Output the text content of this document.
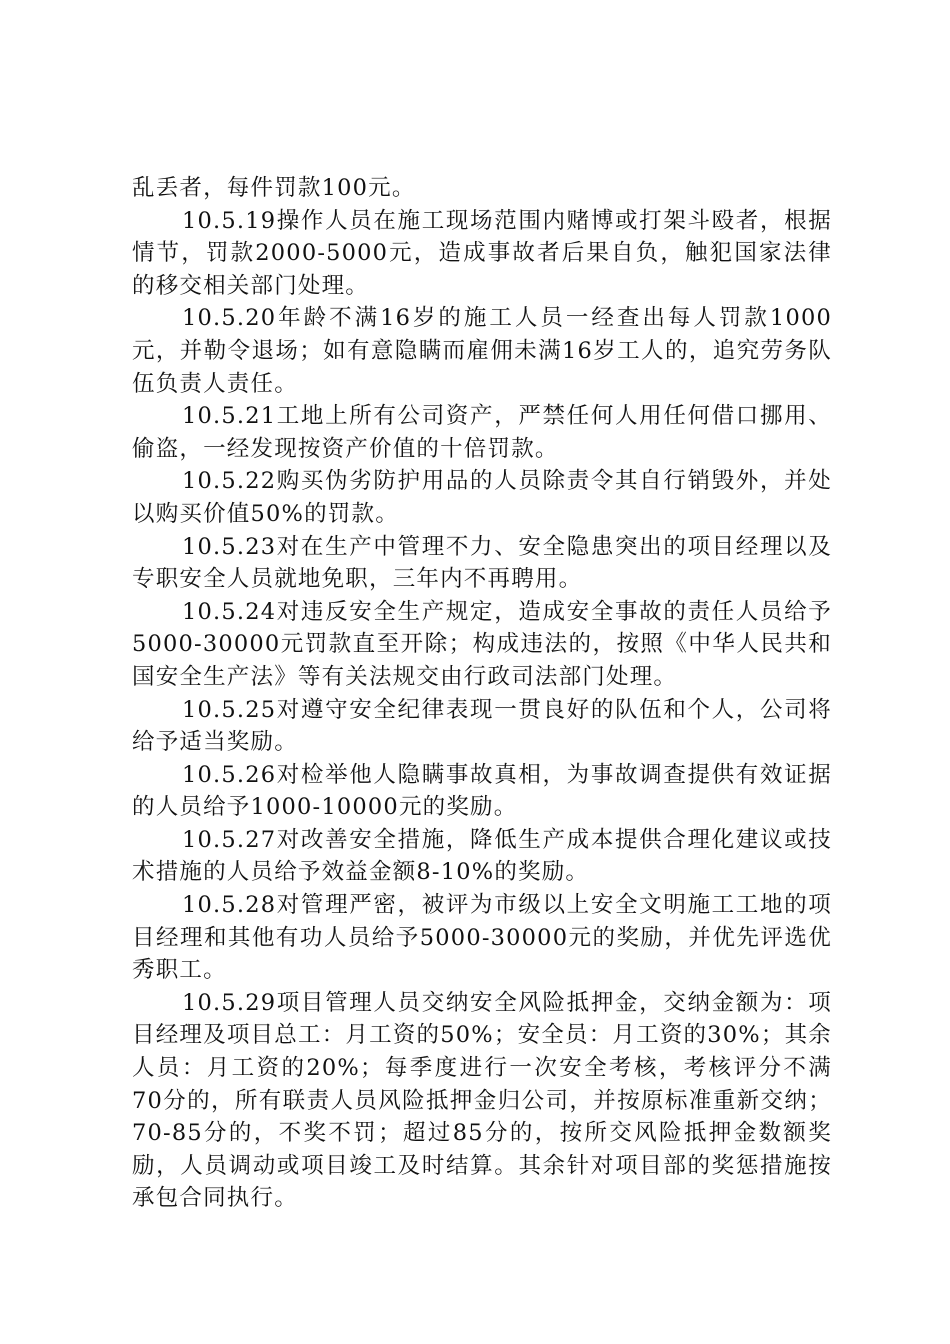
乱丢者，每件罚款100元。

10.5.19操作人员在施工现场范围内赌博或打架斗殴者，根据情节，罚款2000-5000元，造成事故者后果自负，触犯国家法律的移交相关部门处理。

10.5.20年龄不满16岁的施工人员一经查出每人罚款1000元，并勒令退场；如有意隐瞒而雇佣未满16岁工人的，追究劳务队伍负责人责任。

10.5.21工地上所有公司资产，严禁任何人用任何借口挪用、偷盗，一经发现按资产价值的十倍罚款。

10.5.22购买伪劣防护用品的人员除责令其自行销毁外，并处以购买价值50%的罚款。

10.5.23对在生产中管理不力、安全隐患突出的项目经理以及专职安全人员就地免职，三年内不再聘用。

10.5.24对违反安全生产规定，造成安全事故的责任人员给予5000-30000元罚款直至开除；构成违法的，按照《中华人民共和国安全生产法》等有关法规交由行政司法部门处理。

10.5.25对遵守安全纪律表现一贯良好的队伍和个人，公司将给予适当奖励。

10.5.26对检举他人隐瞒事故真相，为事故调查提供有效证据的人员给予1000-10000元的奖励。

10.5.27对改善安全措施，降低生产成本提供合理化建议或技术措施的人员给予效益金额8-10%的奖励。

10.5.28对管理严密，被评为市级以上安全文明施工工地的项目经理和其他有功人员给予5000-30000元的奖励，并优先评选优秀职工。

10.5.29项目管理人员交纳安全风险抵押金，交纳金额为：项目经理及项目总工：月工资的50%；安全员：月工资的30%；其余人员：月工资的20%；每季度进行一次安全考核，考核评分不满70分的，所有联责人员风险抵押金归公司，并按原标准重新交纳；70-85分的，不奖不罚；超过85分的，按所交风险抵押金数额奖励，人员调动或项目竣工及时结算。其余针对项目部的奖惩措施按承包合同执行。
